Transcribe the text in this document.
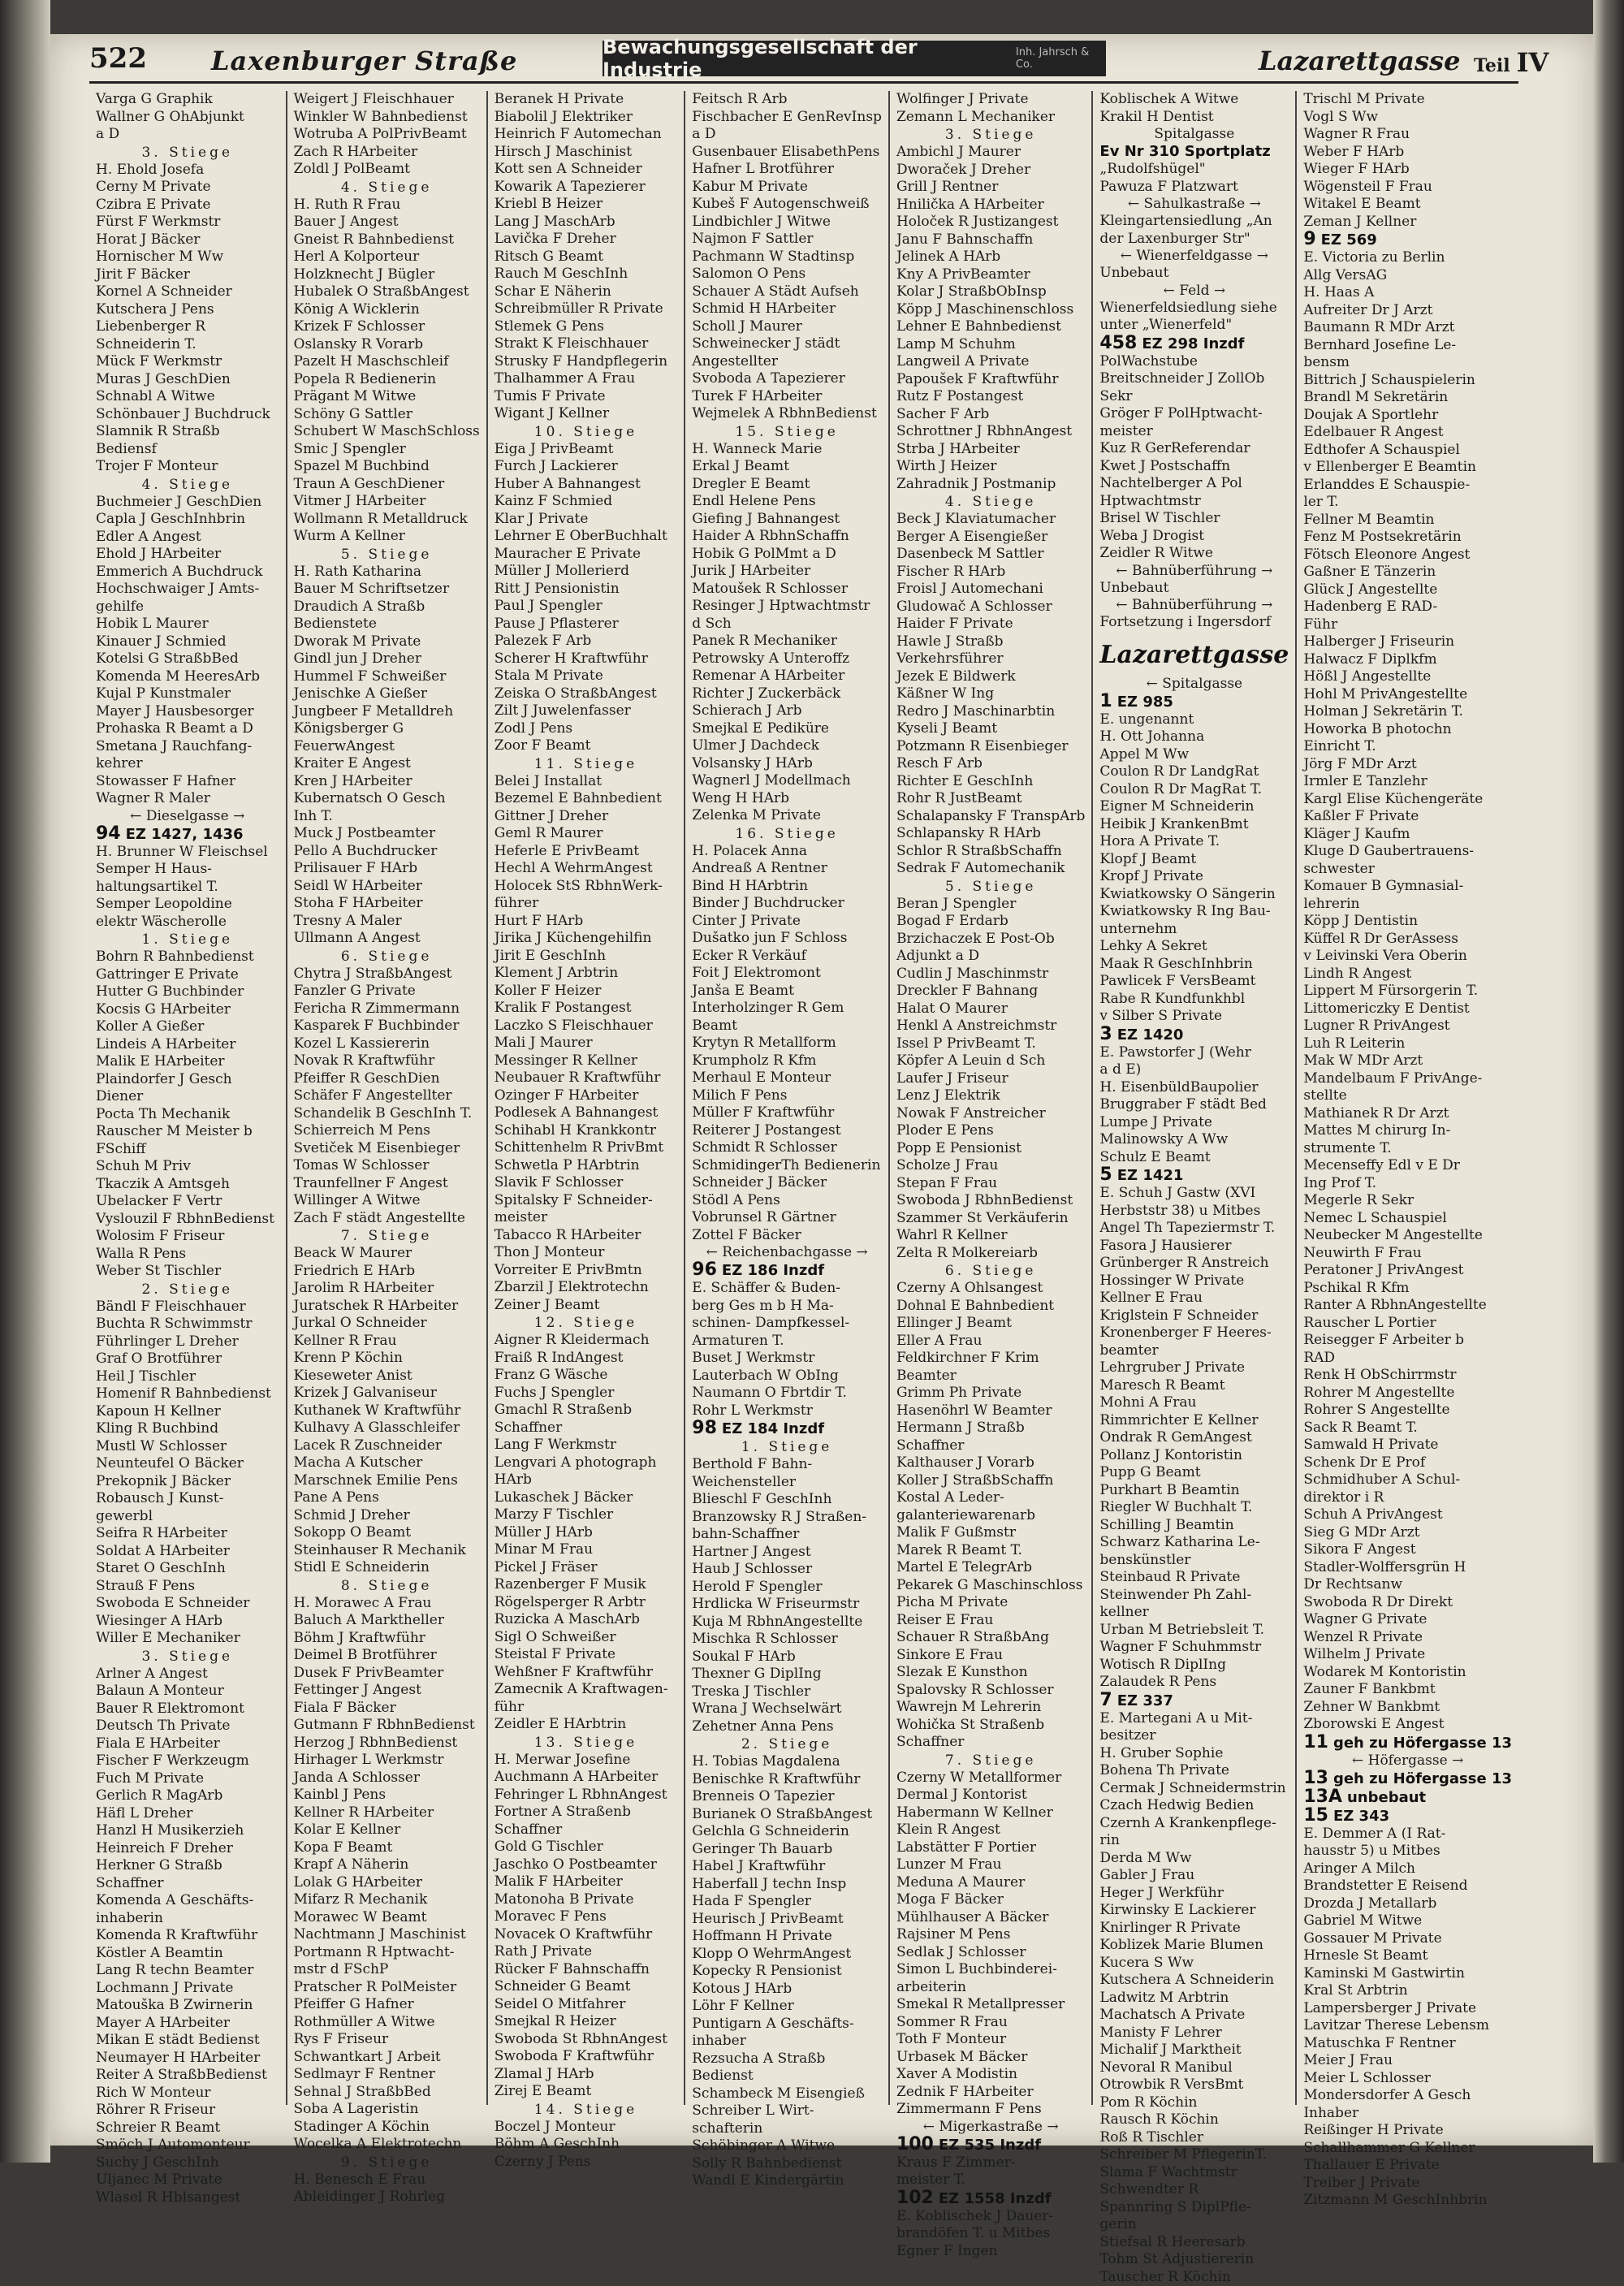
522 Laxenburger Straße	Bewachungsgesellschaft der Industrie
Inh. Jahrsch & Co.	Lazarettgasse Teil IV
Varga G Graphik
Wallner G OhAbjunkt
a D
3. Stiege
H. Ehold Josefa
Cerny M Private
Czibra E Private
Fürst F Werkmstr
Horat J Bäcker
Hornischer M Ww
Jirit F Bäcker
Kornel A Schneider
Kutschera J Pens
Liebenberger R
Schneiderin T.
Mück F Werkmstr
Muras J GeschDien
Schnabl A Witwe
Schönbauer J Buchdruck
Slamnik R Straßb
Bediensf
Trojer F Monteur
4. Stiege
Buchmeier J GeschDien
Capla J GeschInhbrin
Edler A Angest
Ehold J HArbeiter
Emmerich A Buchdruck
Hochschwaiger J Amts-
gehilfe
Hobik L Maurer
Kinauer J Schmied
Kotelsi G StraßbBed
Komenda M HeeresArb
Kujal P Kunstmaler
Mayer J Hausbesorger
Prohaska R Beamt a D
Smetana J Rauchfang-
kehrer
Stowasser F Hafner
Wagner R Maler
← Dieselgasse →
94 EZ 1427, 1436
H. Brunner W Fleischsel
Semper H Haus-
haltungsartikel T.
Semper Leopoldine
elektr Wäscherolle
1. Stiege
Bohrn R Bahnbedienst
Gattringer E Private
Hutter G Buchbinder
Kocsis G HArbeiter
Koller A Gießer
Lindeis A HArbeiter
Malik E HArbeiter
Plaindorfer J Gesch
Diener
Pocta Th Mechanik
Rauscher M Meister b
FSchiff
Schuh M Priv
Tkaczik A Amtsgeh
Ubelacker F Vertr
Vyslouzil F RbhnBedienst
Wolosim F Friseur
Walla R Pens
Weber St Tischler
2. Stiege
Bändl F Fleischhauer
Buchta R Schwimmstr
Führlinger L Dreher
Graf O Brotführer
Heil J Tischler
Homenif R Bahnbedienst
Kapoun H Kellner
Kling R Buchbind
Mustl W Schlosser
Neunteufel O Bäcker
Prekopnik J Bäcker
Robausch J Kunst-
gewerbl
Seifra R HArbeiter
Soldat A HArbeiter
Staret O GeschInh
Strauß F Pens
Swoboda E Schneider
Wiesinger A HArb
Willer E Mechaniker
3. Stiege
Arlner A Angest
Balaun A Monteur
Bauer R Elektromont
Deutsch Th Private
Fiala E HArbeiter
Fischer F Werkzeugm
Fuch M Private
Gerlich R MagArb
Häfl L Dreher
Hanzl H Musikerzieh
Heinreich F Dreher
Herkner G Straßb
Schaffner
Komenda A Geschäfts-
inhaberin
Komenda R Kraftwführ
Köstler A Beamtin
Lang R techn Beamter
Lochmann J Private
Matouška B Zwirnerin
Mayer A HArbeiter
Mikan E städt Bedienst
Neumayer H HArbeiter
Reiter A StraßbBedienst
Rich W Monteur
Röhrer R Friseur
Schreier R Beamt
Smöch J Automonteur
Suchy J GeschInh
Uljanec M Private
Wlasel R Hblsangest
Weigert J Fleischhauer
Winkler W Bahnbedienst
Wotruba A PolPrivBeamt
Zach R HArbeiter
Zoldl J PolBeamt
4. Stiege
H. Ruth R Frau
Bauer J Angest
Gneist R Bahnbedienst
Herl A Kolporteur
Holzknecht J Bügler
Hubalek O StraßbAngest
König A Wicklerin
Krizek F Schlosser
Oslansky R Vorarb
Pazelt H Maschschleif
Popela R Bedienerin
Prägant M Witwe
Schöny G Sattler
Schubert W MaschSchloss
Smic J Spengler
Spazel M Buchbind
Traun A GeschDiener
Vitmer J HArbeiter
Wollmann R Metalldruck
Wurm A Kellner
5. Stiege
H. Rath Katharina
Bauer M Schriftsetzer
Draudich A Straßb
Bedienstete
Dworak M Private
Gindl jun J Dreher
Hummel F Schweißer
Jenischke A Gießer
Jungbeer F Metalldreh
Königsberger G
FeuerwAngest
Kraiter E Angest
Kren J HArbeiter
Kubernatsch O Gesch
Inh T.
Muck J Postbeamter
Pello A Buchdrucker
Prilisauer F HArb
Seidl W HArbeiter
Stoha F HArbeiter
Tresny A Maler
Ullmann A Angest
6. Stiege
Chytra J StraßbAngest
Fanzler G Private
Fericha R Zimmermann
Kasparek F Buchbinder
Kozel L Kassiererin
Novak R Kraftwführ
Pfeiffer R GeschDien
Schäfer F Angestellter
Schandelik B GeschInh T.
Schierreich M Pens
Svetiček M Eisenbieger
Tomas W Schlosser
Traunfellner F Angest
Willinger A Witwe
Zach F städt Angestellte
7. Stiege
Beack W Maurer
Friedrich E HArb
Jarolim R HArbeiter
Juratschek R HArbeiter
Jurkal O Schneider
Kellner R Frau
Krenn P Köchin
Kieseweter Anist
Krizek J Galvaniseur
Kuthanek W Kraftwführ
Kulhavy A Glasschleifer
Lacek R Zuschneider
Macha A Kutscher
Marschnek Emilie Pens
Pane A Pens
Schmid J Dreher
Sokopp O Beamt
Steinhauser R Mechanik
Stidl E Schneiderin
8. Stiege
H. Morawec A Frau
Baluch A Marktheller
Böhm J Kraftwführ
Deimel B Brotführer
Dusek F PrivBeamter
Fettinger J Angest
Fiala F Bäcker
Gutmann F RbhnBedienst
Herzog J RbhnBedienst
Hirhager L Werkmstr
Janda A Schlosser
Kainbl J Pens
Kellner R HArbeiter
Kolar E Kellner
Kopa F Beamt
Krapf A Näherin
Lolak G HArbeiter
Mifarz R Mechanik
Morawec W Beamt
Nachtmann J Maschinist
Portmann R Hptwacht-
mstr d FSchP
Pratscher R PolMeister
Pfeiffer G Hafner
Rothmüller A Witwe
Rys F Friseur
Schwantkart J Arbeit
Sedlmayr F Rentner
Sehnal J StraßbBed
Soba A Lageristin
Stadinger A Köchin
Wocelka A Elektrotechn
9. Stiege
H. Benesch E Frau
Ableidinger J Rohrleg
Beranek H Private
Biabolil J Elektriker
Heinrich F Automechan
Hirsch J Maschinist
Kott sen A Schneider
Kowarik A Tapezierer
Kriebl B Heizer
Lang J MaschArb
Lavička F Dreher
Ritsch G Beamt
Rauch M GeschInh
Schar E Näherin
Schreibmüller R Private
Stlemek G Pens
Strakt K Fleischhauer
Strusky F Handpflegerin
Thalhammer A Frau
Tumis F Private
Wigant J Kellner
10. Stiege
Eiga J PrivBeamt
Furch J Lackierer
Huber A Bahnangest
Kainz F Schmied
Klar J Private
Lehrner E OberBuchhalt
Mauracher E Private
Müller J Mollerierd
Ritt J Pensionistin
Paul J Spengler
Pause J Pflasterer
Palezek F Arb
Scherer H Kraftwführ
Stala M Private
Zeiska O StraßbAngest
Zilt J Juwelenfasser
Zodl J Pens
Zoor F Beamt
11. Stiege
Belei J Installat
Bezemel E Bahnbedient
Gittner J Dreher
Geml R Maurer
Heferle E PrivBeamt
Hechl A WehrmAngest
Holocek StS RbhnWerk-
führer
Hurt F HArb
Jirika J Küchengehilfin
Jirit E GeschInh
Klement J Arbtrin
Koller F Heizer
Kralik F Postangest
Laczko S Fleischhauer
Mali J Maurer
Messinger R Kellner
Neubauer R Kraftwführ
Ozinger F HArbeiter
Podlesek A Bahnangest
Schihabl H Krankkontr
Schittenhelm R PrivBmt
Schwetla P HArbtrin
Slavik F Schlosser
Spitalsky F Schneider-
meister
Tabacco R HArbeiter
Thon J Monteur
Vorreiter E PrivBmtn
Zbarzil J Elektrotechn
Zeiner J Beamt
12. Stiege
Aigner R Kleidermach
Fraiß R IndAngest
Franz G Wäsche
Fuchs J Spengler
Gmachl R Straßenb
Schaffner
Lang F Werkmstr
Lengvari A photograph
HArb
Lukaschek J Bäcker
Marzy F Tischler
Müller J HArb
Minar M Frau
Pickel J Fräser
Razenberger F Musik
Rögelsperger R Arbtr
Ruzicka A MaschArb
Sigl O Schweißer
Steistal F Private
Wehßner F Kraftwführ
Zamecnik A Kraftwagen-
führ
Zeidler E HArbtrin
13. Stiege
H. Merwar Josefine
Auchmann A HArbeiter
Fehringer L RbhnAngest
Fortner A Straßenb
Schaffner
Gold G Tischler
Jaschko O Postbeamter
Malik F HArbeiter
Matonoha B Private
Moravec F Pens
Novacek O Kraftwführ
Rath J Private
Rücker F Bahnschaffn
Schneider G Beamt
Seidel O Mitfahrer
Smejkal R Heizer
Swoboda St RbhnAngest
Swoboda F Kraftwführ
Zlamal J HArb
Zirej E Beamt
14. Stiege
Boczel J Monteur
Böhm A GeschInh
Czerny J Pens
Feitsch R Arb
Fischbacher E GenRevInsp
a D
Gusenbauer ElisabethPens
Hafner L Brotführer
Kabur M Private
Kubeš F Autogenschweiß
Lindbichler J Witwe
Najmon F Sattler
Pachmann W Stadtinsp
Salomon O Pens
Schauer A Städt Aufseh
Schmid H HArbeiter
Scholl J Maurer
Schweinecker J städt
Angestellter
Svoboda A Tapezierer
Turek F HArbeiter
Wejmelek A RbhnBedienst
15. Stiege
H. Wanneck Marie
Erkal J Beamt
Dregler E Beamt
Endl Helene Pens
Giefing J Bahnangest
Haider A RbhnSchaffn
Hobik G PolMmt a D
Jurik J HArbeiter
Matoušek R Schlosser
Resinger J Hptwachtmstr
d Sch
Panek R Mechaniker
Petrowsky A Unteroffz
Remenar A HArbeiter
Richter J Zuckerbäck
Schierach J Arb
Smejkal E Pediküre
Ulmer J Dachdeck
Volsansky J HArb
Wagnerl J Modellmach
Weng H HArb
Zelenka M Private
16. Stiege
H. Polacek Anna
Andreaß A Rentner
Bind H HArbtrin
Binder J Buchdrucker
Cinter J Private
Dušatko jun F Schloss
Ecker R Verkäuf
Foit J Elektromont
Janša E Beamt
Interholzinger R Gem
Beamt
Krytyn R Metallform
Krumpholz R Kfm
Merhaul E Monteur
Milich F Pens
Müller F Kraftwführ
Reiterer J Postangest
Schmidt R Schlosser
SchmidingerTh Bedienerin
Schneider J Bäcker
Stödl A Pens
Vobrunsel R Gärtner
Zottel F Bäcker
← Reichenbachgasse →
96 EZ 186 Inzdf
E. Schäffer & Buden-
berg Ges m b H Ma-
schinen- Dampfkessel-
Armaturen T.
Buset J Werkmstr
Lauterbach W ObIng
Naumann O Fbrtdir T.
Rohr L Werkmstr
98 EZ 184 Inzdf
1. Stiege
Berthold F Bahn-
Weichensteller
Blieschl F GeschInh
Branzowsky R J Straßen-
bahn-Schaffner
Hartner J Angest
Haub J Schlosser
Herold F Spengler
Hrdlicka W Friseurmstr
Kuja M RbhnAngestellte
Mischka R Schlosser
Soukal F HArb
Thexner G DiplIng
Treska J Tischler
Wrana J Wechselwärt
Zehetner Anna Pens
2. Stiege
H. Tobias Magdalena
Benischke R Kraftwführ
Brenneis O Tapezier
Burianek O StraßbAngest
Gelchla G Schneiderin
Geringer Th Bauarb
Habel J Kraftwführ
Haberfall J techn Insp
Hada F Spengler
Heurisch J PrivBeamt
Hoffmann H Private
Klopp O WehrmAngest
Kopecky R Pensionist
Kotous J HArb
Löhr F Kellner
Puntigarn A Geschäfts-
inhaber
Rezsucha A Straßb
Bedienst
Schambeck M Eisengieß
Schreiber L Wirt-
schafterin
Schöbinger A Witwe
Solly R Bahnbedienst
Wandl E Kindergärtin
Wolfinger J Private
Zemann L Mechaniker
3. Stiege
Ambichl J Maurer
Dworaček J Dreher
Grill J Rentner
Hnilička A HArbeiter
Holoček R Justizangest
Janu F Bahnschaffn
Jelinek A HArb
Kny A PrivBeamter
Kolar J StraßbObInsp
Köpp J Maschinenschloss
Lehner E Bahnbedienst
Lamp M Schuhm
Langweil A Private
Papoušek F Kraftwführ
Rutz F Postangest
Sacher F Arb
Schrottner J RbhnAngest
Strba J HArbeiter
Wirth J Heizer
Zahradnik J Postmanip
4. Stiege
Beck J Klaviatumacher
Berger A Eisengießer
Dasenbeck M Sattler
Fischer R HArb
Froisl J Automechani
Gludowač A Schlosser
Haider F Private
Hawle J Straßb
Verkehrsführer
Jezek E Bildwerk
Käßner W Ing
Redro J Maschinarbtin
Kyseli J Beamt
Potzmann R Eisenbieger
Resch F Arb
Richter E GeschInh
Rohr R JustBeamt
Schalapansky F TranspArb
Schlapansky R HArb
Schlor R StraßbSchaffn
Sedrak F Automechanik
5. Stiege
Beran J Spengler
Bogad F Erdarb
Brzichaczek E Post-Ob
Adjunkt a D
Cudlin J Maschinmstr
Dreckler F Bahnang
Halat O Maurer
Henkl A Anstreichmstr
Issel P PrivBeamt T.
Köpfer A Leuin d Sch
Laufer J Friseur
Lenz J Elektrik
Nowak F Anstreicher
Ploder E Pens
Popp E Pensionist
Scholze J Frau
Stepan F Frau
Swoboda J RbhnBedienst
Szammer St Verkäuferin
Wahrl R Kellner
Zelta R Molkereiarb
6. Stiege
Czerny A Ohlsangest
Dohnal E Bahnbedient
Ellinger J Beamt
Eller A Frau
Feldkirchner F Krim
Beamter
Grimm Ph Private
Hasenöhrl W Beamter
Hermann J Straßb
Schaffner
Kalthauser J Vorarb
Koller J StraßbSchaffn
Kostal A Leder-
galanteriewarenarb
Malik F Gußmstr
Marek R Beamt T.
Martel E TelegrArb
Pekarek G Maschinschloss
Picha M Private
Reiser E Frau
Schauer R StraßbAng
Sinkore E Frau
Slezak E Kunsthon
Spalovsky R Schlosser
Wawrejn M Lehrerin
Wohička St Straßenb
Schaffner
7. Stiege
Czerny W Metallformer
Dermal J Kontorist
Habermann W Kellner
Klein R Angest
Labstätter F Portier
Lunzer M Frau
Meduna A Maurer
Moga F Bäcker
Mühlhauser A Bäcker
Rajsiner M Pens
Sedlak J Schlosser
Simon L Buchbinderei-
arbeiterin
Smekal R Metallpresser
Sommer R Frau
Toth F Monteur
Urbasek M Bäcker
Xaver A Modistin
Zednik F HArbeiter
Zimmermann F Pens
← Migerkastraße →
100 EZ 535 Inzdf
Kraus F Zimmer-
meister T.
102 EZ 1558 Inzdf
E. Koblischek J Dauer-
brandöfen T. u Mitbes
Egner F Ingen
Koblischek A Witwe
Krakil H Dentist
Spitalgasse
Ev Nr 310 Sportplatz
„Rudolfshügel"
Pawuza F Platzwart
← Sahulkastraße →
Kleingartensiedlung „An
der Laxenburger Str"
← Wienerfeldgasse →
Unbebaut
← Feld →
Wienerfeldsiedlung siehe
unter „Wienerfeld"
458 EZ 298 Inzdf
PolWachstube
Breitschneider J ZollOb
Sekr
Gröger F PolHptwacht-
meister
Kuz R GerReferendar
Kwet J Postschaffn
Nachtelberger A Pol
Hptwachtmstr
Brisel W Tischler
Weba J Drogist
Zeidler R Witwe
← Bahnüberführung →
Unbebaut
← Bahnüberführung →
Fortsetzung i Ingersdorf
Lazarettgasse
← Spitalgasse
1 EZ 985
E. ungenannt
H. Ott Johanna
Appel M Ww
Coulon R Dr LandgRat
Coulon R Dr MagRat T.
Eigner M Schneiderin
Heibik J KrankenBmt
Hora A Private T.
Klopf J Beamt
Kropf J Private
Kwiatkowsky O Sängerin
Kwiatkowsky R Ing Bau-
unternehm
Lehky A Sekret
Maak R GeschInhbrin
Pawlicek F VersBeamt
Rabe R Kundfunkhbl
v Silber S Private
3 EZ 1420
E. Pawstorfer J (Wehr
a d E)
H. EisenbüldBaupolier
Bruggraber F städt Bed
Lumpe J Private
Malinowsky A Ww
Schulz E Beamt
5 EZ 1421
E. Schuh J Gastw (XVI
Herbststr 38) u Mitbes
Angel Th Tapeziermstr T.
Fasora J Hausierer
Grünberger R Anstreich
Hossinger W Private
Kellner E Frau
Kriglstein F Schneider
Kronenberger F Heeres-
beamter
Lehrgruber J Private
Maresch R Beamt
Mohni A Frau
Rimmrichter E Kellner
Ondrak R GemAngest
Pollanz J Kontoristin
Pupp G Beamt
Purkhart B Beamtin
Riegler W Buchhalt T.
Schilling J Beamtin
Schwarz Katharina Le-
benskünstler
Steinbaud R Private
Steinwender Ph Zahl-
kellner
Urban M Betriebsleit T.
Wagner F Schuhmmstr
Wotisch R DiplIng
Zalaudek R Pens
7 EZ 337
E. Martegani A u Mit-
besitzer
H. Gruber Sophie
Bohena Th Private
Cermak J Schneidermstrin
Czach Hedwig Bedien
Czernh A Krankenpflege-
rin
Derda M Ww
Gabler J Frau
Heger J Werkführ
Kirwinsky E Lackierer
Knirlinger R Private
Koblizek Marie Blumen
Kucera S Ww
Kutschera A Schneiderin
Ladwitz M Arbtrin
Machatsch A Private
Manisty F Lehrer
Michalif J Marktheit
Nevoral R Manibul
Otrowbik R VersBmt
Pom R Köchin
Rausch R Köchin
Roß R Tischler
Schreiber M PflegerinT.
Slama F Wachtmstr
Schwendter R
Spannring S DiplPfle-
gerin
Stiefsal R Heeresarb
Tohm St Adjustiererin
Tauscher R Köchin
Trischl M Private
Vogl S Ww
Wagner R Frau
Weber F HArb
Wieger F HArb
Wögensteil F Frau
Witakel E Beamt
Zeman J Kellner
9 EZ 569
E. Victoria zu Berlin
Allg VersAG
H. Haas A
Aufreiter Dr J Arzt
Baumann R MDr Arzt
Bernhard Josefine Le-
bensm
Bittrich J Schauspielerin
Brandl M Sekretärin
Doujak A Sportlehr
Edelbauer R Angest
Edthofer A Schauspiel
v Ellenberger E Beamtin
Erlanddes E Schauspie-
ler T.
Fellner M Beamtin
Fenz M Postsekretärin
Fötsch Eleonore Angest
Gaßner E Tänzerin
Glück J Angestellte
Hadenberg E RAD-
Führ
Halberger J Friseurin
Halwacz F Diplkfm
Hößl J Angestellte
Hohl M PrivAngestellte
Holman J Sekretärin T.
Howorka B photochn
Einricht T.
Jörg F MDr Arzt
Irmler E Tanzlehr
Kargl Elise Küchengeräte
Kaßler F Private
Kläger J Kaufm
Kluge D Gaubertrauens-
schwester
Komauer B Gymnasial-
lehrerin
Köpp J Dentistin
Küffel R Dr GerAssess
v Leivinski Vera Oberin
Lindh R Angest
Lippert M Fürsorgerin T.
Littomericzky E Dentist
Lugner R PrivAngest
Luh R Leiterin
Mak W MDr Arzt
Mandelbaum F PrivAnge-
stellte
Mathianek R Dr Arzt
Mattes M chirurg In-
strumente T.
Mecenseffy Edl v E Dr
Ing Prof T.
Megerle R Sekr
Nemec L Schauspiel
Neubecker M Angestellte
Neuwirth F Frau
Peratoner J PrivAngest
Pschikal R Kfm
Ranter A RbhnAngestellte
Rauscher L Portier
Reisegger F Arbeiter b
RAD
Renk H ObSchirrmstr
Rohrer M Angestellte
Rohrer S Angestellte
Sack R Beamt T.
Samwald H Private
Schenk Dr E Prof
Schmidhuber A Schul-
direktor i R
Schuh A PrivAngest
Sieg G MDr Arzt
Sikora F Angest
Stadler-Wolffersgrün H
Dr Rechtsanw
Swoboda R Dr Direkt
Wagner G Private
Wenzel R Private
Wilhelm J Private
Wodarek M Kontoristin
Zauner F Bankbmt
Zehner W Bankbmt
Zborowski E Angest
11 geh zu Höfergasse 13
← Höfergasse →
13 geh zu Höfergasse 13
13A unbebaut
15 EZ 343
E. Demmer A (I Rat-
hausstr 5) u Mitbes
Aringer A Milch
Brandstetter E Reisend
Drozda J Metallarb
Gabriel M Witwe
Gossauer M Private
Hrnesle St Beamt
Kaminski M Gastwirtin
Kral St Arbtrin
Lampersberger J Private
Lavitzar Therese Lebensm
Matuschka F Rentner
Meier J Frau
Meier L Schlosser
Mondersdorfer A Gesch
Inhaber
Reißinger H Private
Schallhammer G Kellner
Thallauer E Private
Treiber J Private
Zitzmann M GeschInhbrin
